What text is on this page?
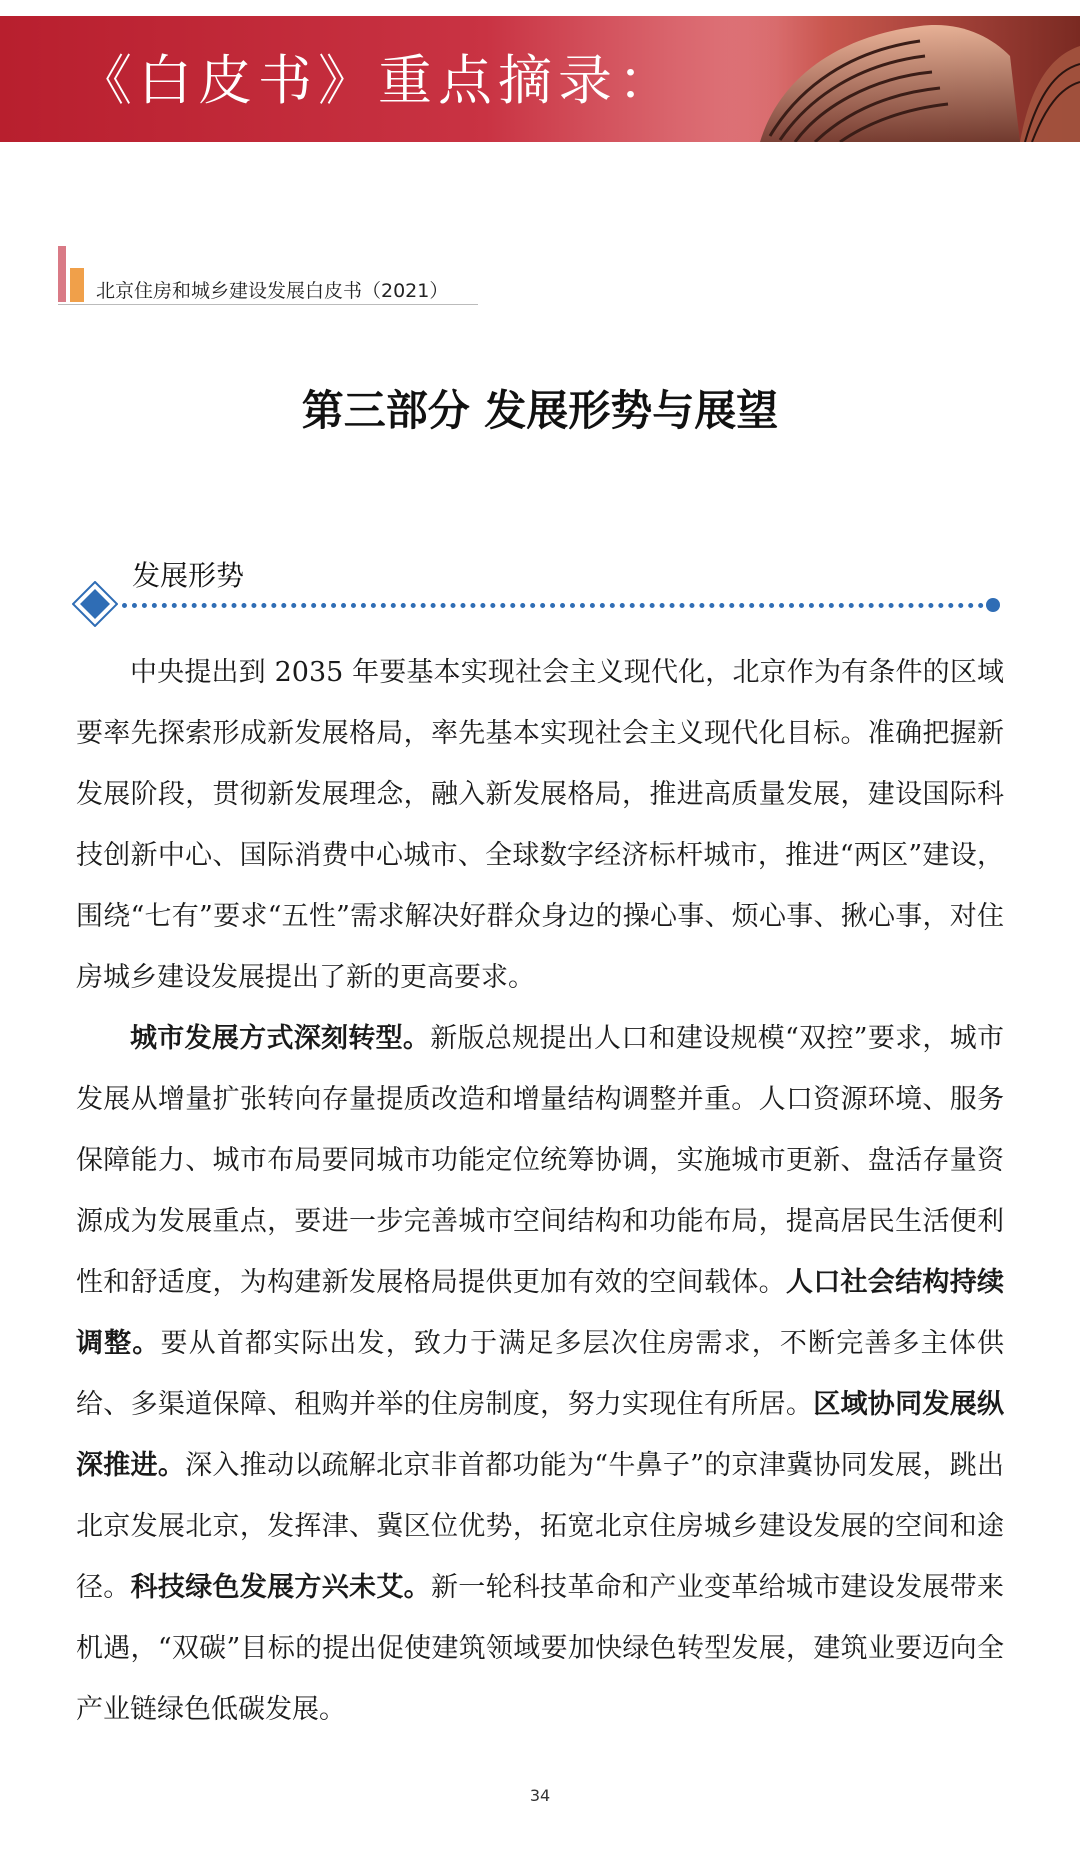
《白皮书》重点摘录：
北京住房和城乡建设发展白皮书（2021）
第三部分 发展形势与展望
发展形势

中央提出到 2035 年要基本实现社会主义现代化，北京作为有条件的区域要率先探索形成新发展格局，率先基本实现社会主义现代化目标。准确把握新发展阶段，贯彻新发展理念，融入新发展格局，推进高质量发展，建设国际科技创新中心、国际消费中心城市、全球数字经济标杆城市，推进“两区”建设，围绕“七有”要求“五性”需求解决好群众身边的操心事、烦心事、揪心事，对住房城乡建设发展提出了新的更高要求。

城市发展方式深刻转型。新版总规提出人口和建设规模“双控”要求，城市发展从增量扩张转向存量提质改造和增量结构调整并重。人口资源环境、服务保障能力、城市布局要同城市功能定位统筹协调，实施城市更新、盘活存量资源成为发展重点，要进一步完善城市空间结构和功能布局，提高居民生活便利性和舒适度，为构建新发展格局提供更加有效的空间载体。人口社会结构持续调整。要从首都实际出发，致力于满足多层次住房需求，不断完善多主体供给、多渠道保障、租购并举的住房制度，努力实现住有所居。区域协同发展纵深推进。深入推动以疏解北京非首都功能为“牛鼻子”的京津冀协同发展，跳出北京发展北京，发挥津、冀区位优势，拓宽北京住房城乡建设发展的空间和途径。科技绿色发展方兴未艾。新一轮科技革命和产业变革给城市建设发展带来机遇，“双碳”目标的提出促使建筑领域要加快绿色转型发展，建筑业要迈向全产业链绿色低碳发展。

34
